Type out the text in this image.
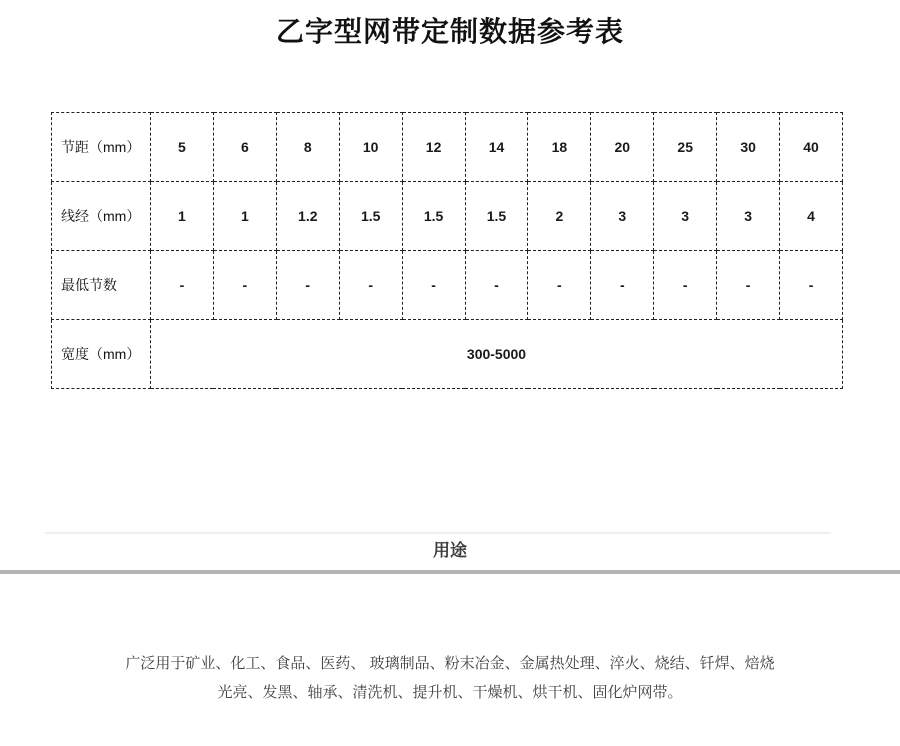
乙字型网带定制数据参考表
节距（mm）	5	6	8	10	12	14	18	20	25	30	40
线经（mm）	1	1	1.2	1.5	1.5	1.5	2	3	3	3	4
最低节数	-	-	-	-	-	-	-	-	-	-	-
宽度（mm）	300-5000										
用途
广泛用于矿业、化工、食品、医药、 玻璃制品、粉末冶金、金属热处理、淬火、烧结、钎焊、焙烧
光亮、发黑、轴承、清洗机、提升机、干燥机、烘干机、固化炉网带。
